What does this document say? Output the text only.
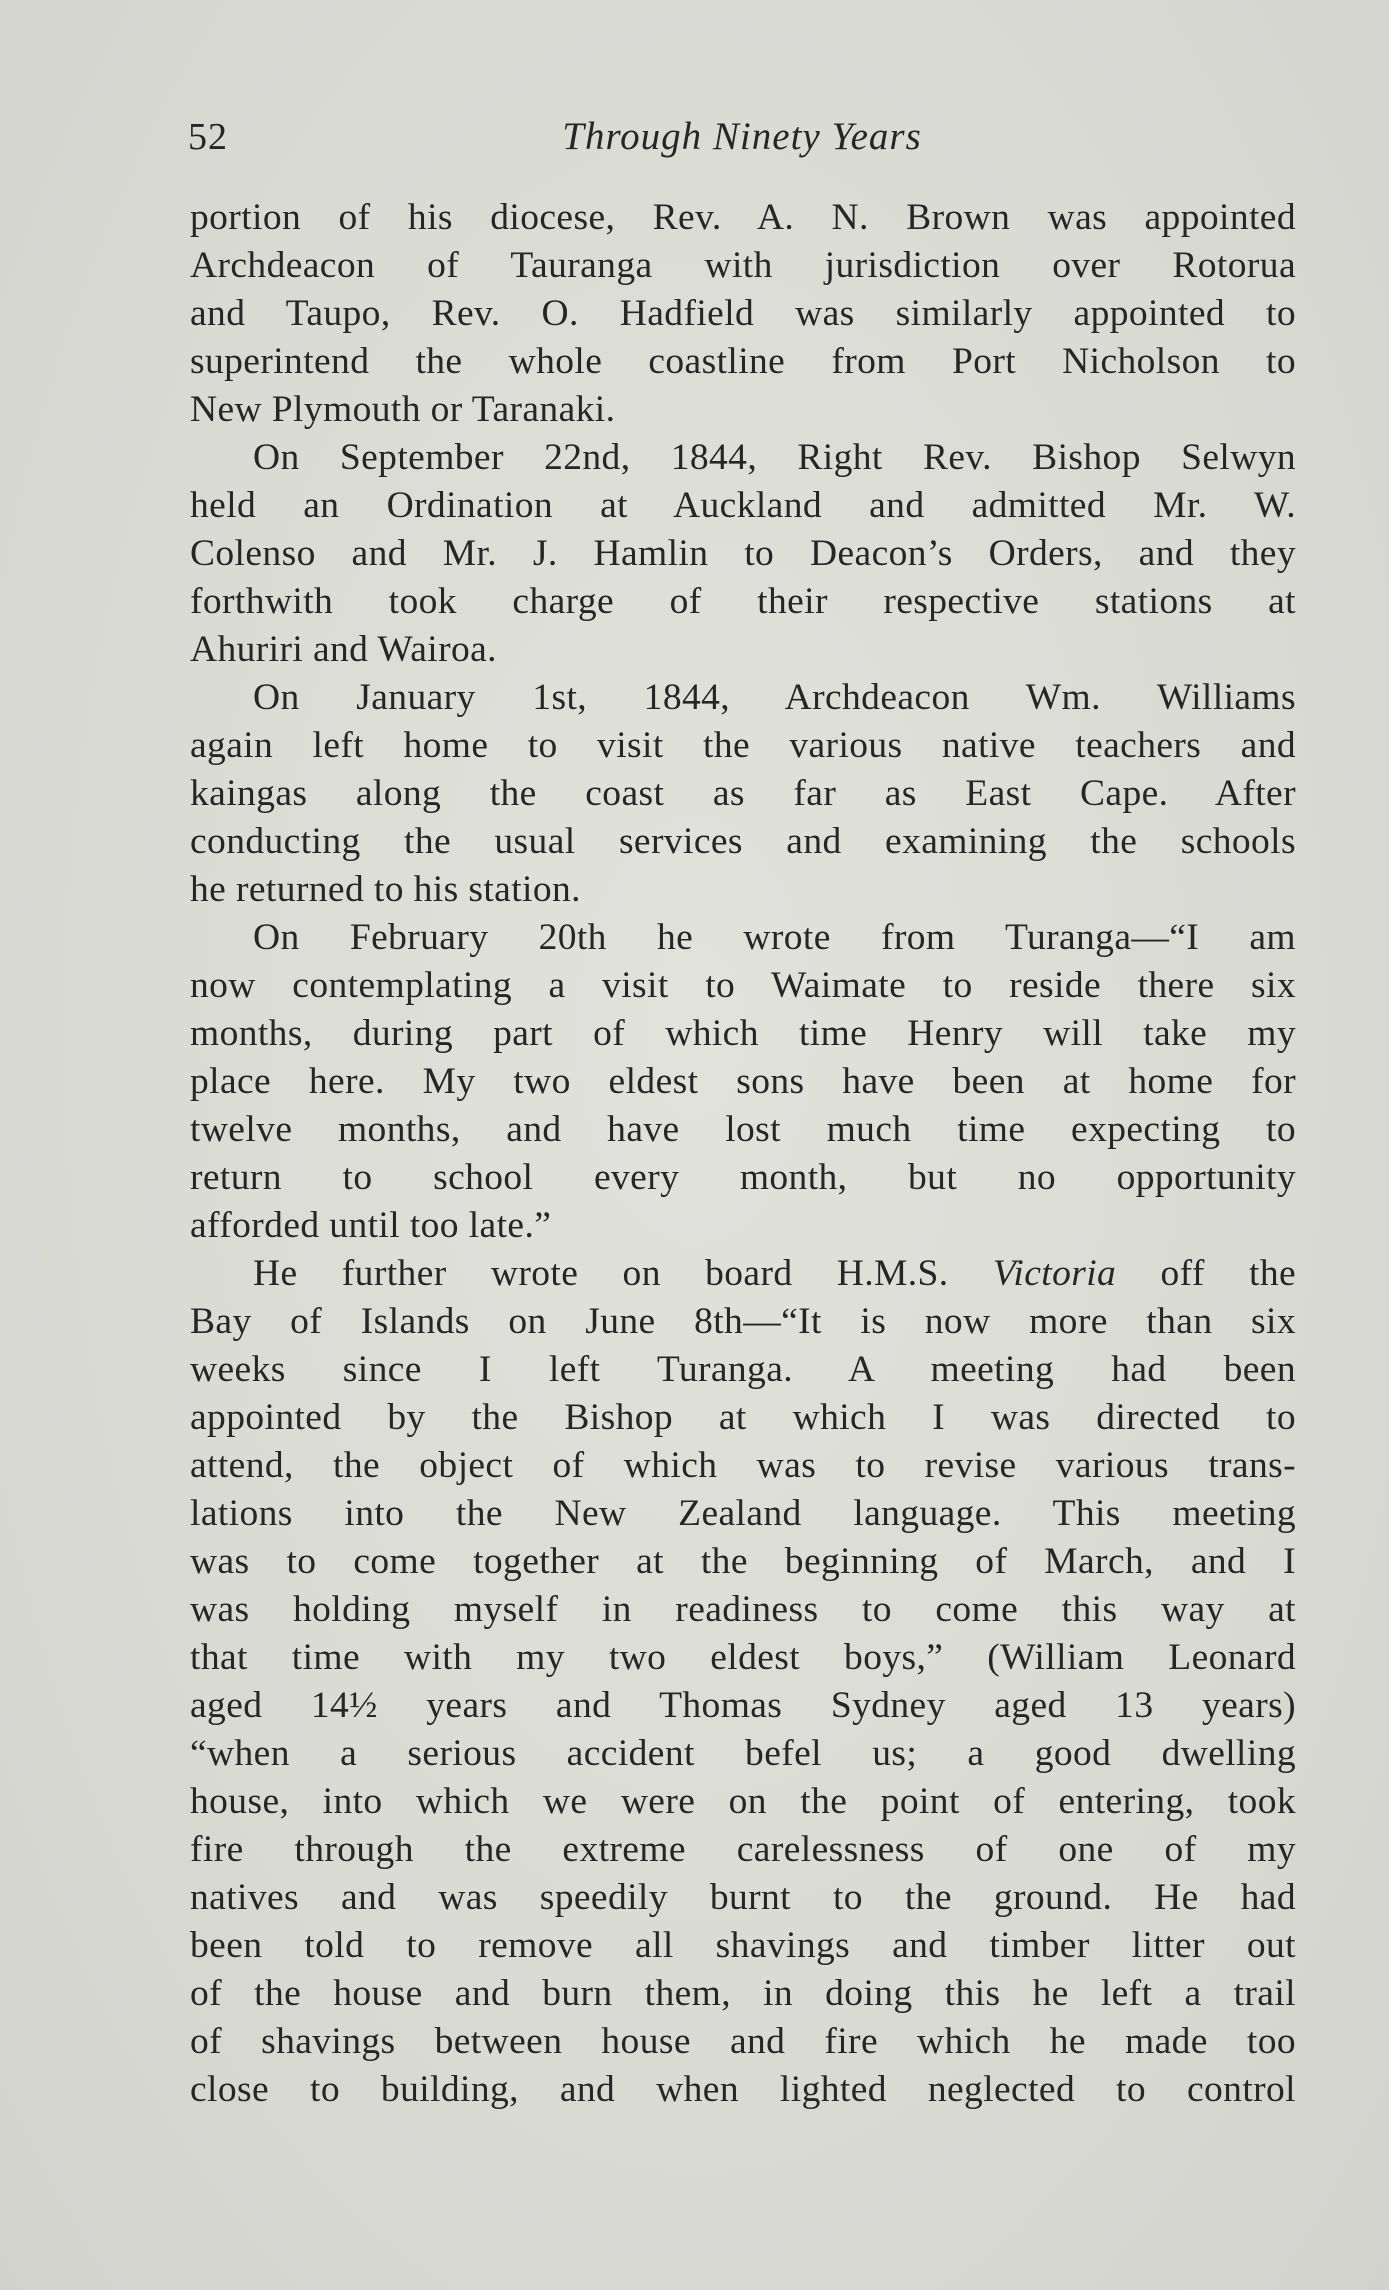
52	Through Ninety Years
portion of his diocese, Rev. A. N. Brown was appointed
Archdeacon of Tauranga with jurisdiction over Rotorua
and Taupo, Rev. O. Hadfield was similarly appointed to
superintend the whole coastline from Port Nicholson to
New Plymouth or Taranaki.
On September 22nd, 1844, Right Rev. Bishop Selwyn
held an Ordination at Auckland and admitted Mr. W.
Colenso and Mr. J. Hamlin to Deacon’s Orders, and they
forthwith took charge of their respective stations at
Ahuriri and Wairoa.
On January 1st, 1844, Archdeacon Wm. Williams
again left home to visit the various native teachers and
kaingas along the coast as far as East Cape. After
conducting the usual services and examining the schools
he returned to his station.
On February 20th he wrote from Turanga—“I am
now contemplating a visit to Waimate to reside there six
months, during part of which time Henry will take my
place here. My two eldest sons have been at home for
twelve months, and have lost much time expecting to
return to school every month, but no opportunity
afforded until too late.”
He further wrote on board H.M.S. Victoria off the
Bay of Islands on June 8th—“It is now more than six
weeks since I left Turanga. A meeting had been
appointed by the Bishop at which I was directed to
attend, the object of which was to revise various trans-
lations into the New Zealand language. This meeting
was to come together at the beginning of March, and I
was holding myself in readiness to come this way at
that time with my two eldest boys,” (William Leonard
aged 14½ years and Thomas Sydney aged 13 years)
“when a serious accident befel us; a good dwelling
house, into which we were on the point of entering, took
fire through the extreme carelessness of one of my
natives and was speedily burnt to the ground. He had
been told to remove all shavings and timber litter out
of the house and burn them, in doing this he left a trail
of shavings between house and fire which he made too
close to building, and when lighted neglected to control
